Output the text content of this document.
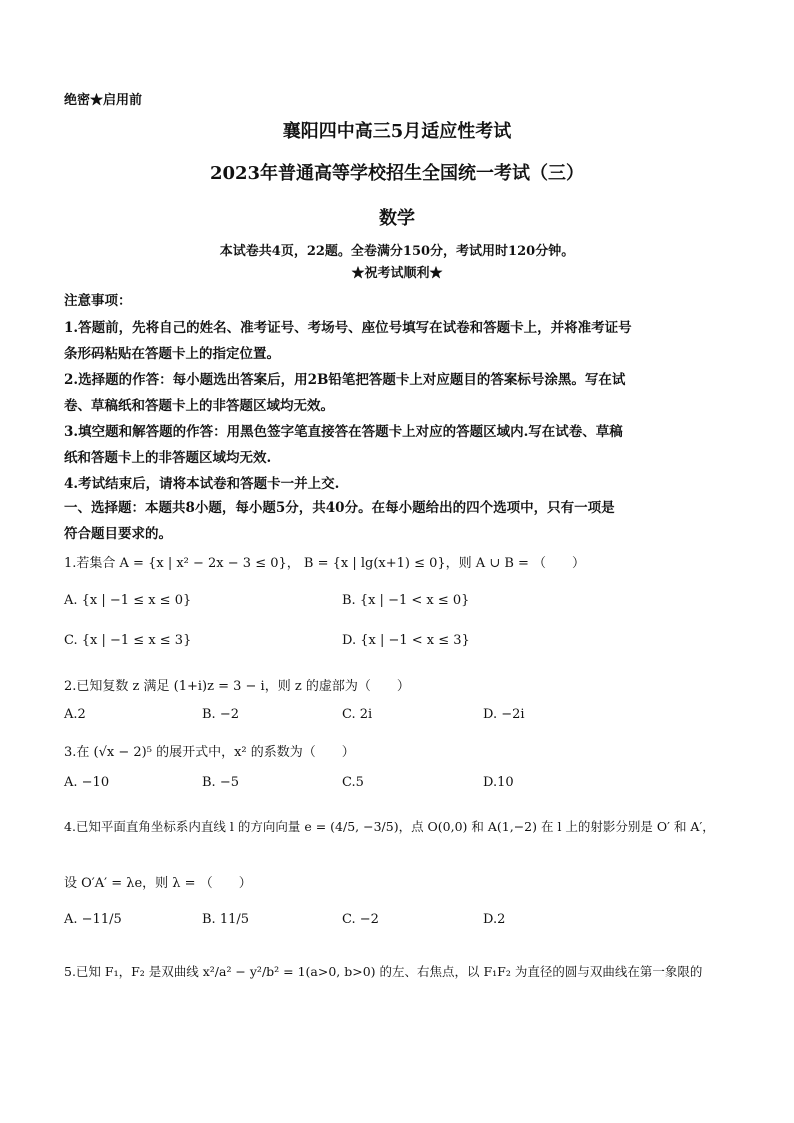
绝密★启用前
襄阳四中高三5月适应性考试
2023年普通高等学校招生全国统一考试（三）
数学
本试卷共4页，22题。全卷满分150分，考试用时120分钟。
★祝考试顺利★
注意事项：
1.答题前，先将自己的姓名、准考证号、考场号、座位号填写在试卷和答题卡上，并将准考证号
条形码粘贴在答题卡上的指定位置。
2.选择题的作答：每小题选出答案后，用2B铅笔把答题卡上对应题目的答案标号涂黑。写在试
卷、草稿纸和答题卡上的非答题区域均无效。
3.填空题和解答题的作答：用黑色签字笔直接答在答题卡上对应的答题区域内.写在试卷、草稿
纸和答题卡上的非答题区域均无效.
4.考试结束后，请将本试卷和答题卡一并上交.
一、选择题：本题共8小题，每小题5分，共40分。在每小题给出的四个选项中，只有一项是
符合题目要求的。
1.若集合 A = {x | x² − 2x − 3 ≤ 0}， B = {x | lg(x+1) ≤ 0}，则 A ∪ B = （　　）
A. {x | −1 ≤ x ≤ 0}	B. {x | −1 < x ≤ 0}
C. {x | −1 ≤ x ≤ 3}	D. {x | −1 < x ≤ 3}
2.已知复数 z 满足 (1+i)z = 3 − i，则 z 的虚部为（　　）
A.2	B. −2	C. 2i	D. −2i
3.在 (√x − 2)⁵ 的展开式中，x² 的系数为（　　）
A. −10	B. −5	C.5	D.10
4.已知平面直角坐标系内直线 l 的方向向量 e = (4/5, −3/5)，点 O(0,0) 和 A(1,−2) 在 l 上的射影分别是 O′ 和 A′，
设 O′A′ = λe，则 λ = （　　）
A. −11/5	B. 11/5	C. −2	D.2
5.已知 F₁，F₂ 是双曲线 x²/a² − y²/b² = 1(a>0, b>0) 的左、右焦点，以 F₁F₂ 为直径的圆与双曲线在第一象限的
